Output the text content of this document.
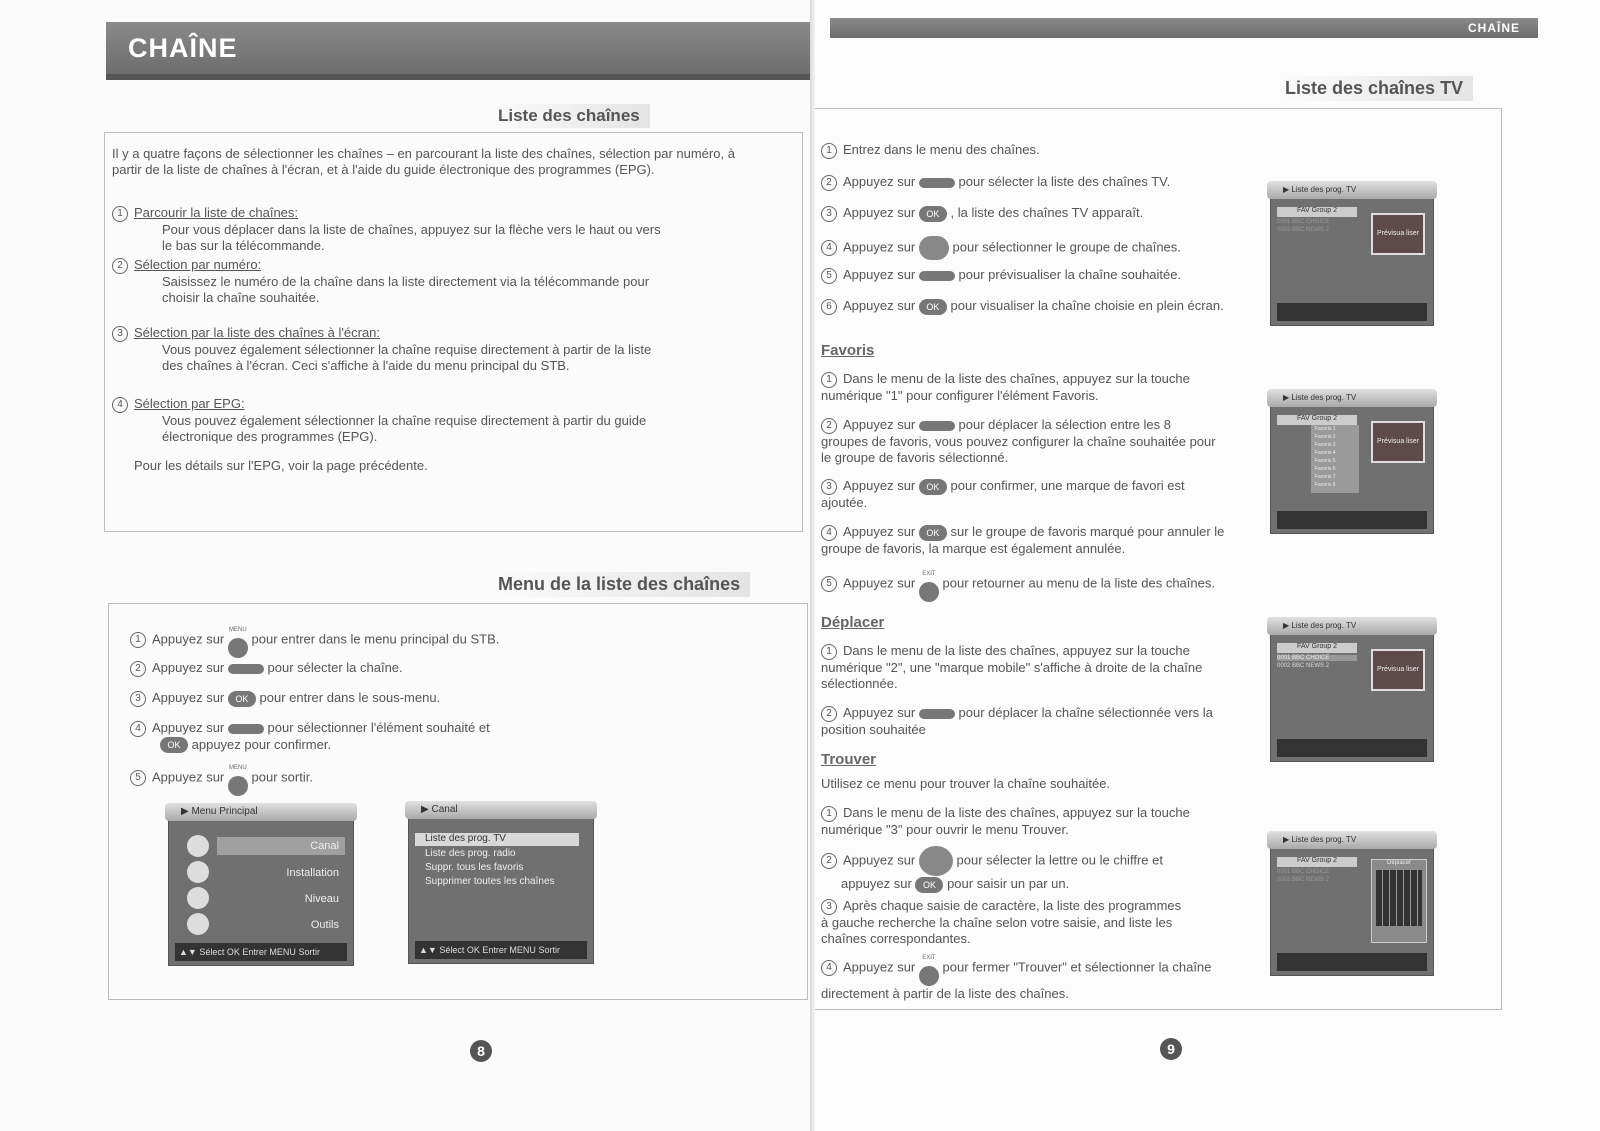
CHAÎNE
Liste des chaînes
Il y a quatre façons de sélectionner les chaînes – en parcourant la liste des chaînes, sélection par numéro, à partir de la liste de chaînes à l'écran, et à l'aide du guide électronique des programmes (EPG).
1 Parcourir la liste de chaînes:
Pour vous déplacer dans la liste de chaînes, appuyez sur la flèche vers le haut ou vers le bas sur la télécommande.
2 Sélection par numéro:
Saisissez le numéro de la chaîne dans la liste directement via la télécommande pour choisir la chaîne souhaitée.
3 Sélection par la liste des chaînes à l'écran:
Vous pouvez également sélectionner la chaîne requise directement à partir de la liste des chaînes à l'écran. Ceci s'affiche à l'aide du menu principal du STB.
4 Sélection par EPG:
Vous pouvez également sélectionner la chaîne requise directement à partir du guide électronique des programmes (EPG).
Pour les détails sur l'EPG, voir la page précédente.
Menu de la liste des chaînes
1 Appuyez sur
MENU
pour entrer dans le menu principal du STB.
2 Appuyez sur	pour sélecter la chaîne.
3 Appuyez sur OK pour entrer dans le sous-menu.
4 Appuyez sur	pour sélectionner l'élément souhaité et
OK appuyez pour confirmer.
5 Appuyez sur
MENU
pour sortir.
▶ Menu Principal
Canal
Installation
Niveau
Outils
▲▼ Sélect OK Entrer MENU Sortir
▶ Canal
Liste des prog. TV
Liste des prog. radio
Suppr. tous les favoris
Supprimer toutes les chaînes
▲▼ Sélect OK Entrer MENU Sortir
8
CHAÎNE
Liste des chaînes TV
1 Entrez dans le menu des chaînes.
2 Appuyez sur	pour sélecter la liste des chaînes TV.
3 Appuyez sur OK , la liste des chaînes TV apparaît.
4 Appuyez sur	pour sélectionner le groupe de chaînes.
5 Appuyez sur	pour prévisualiser la chaîne souhaitée.
6 Appuyez sur OK pour visualiser la chaîne choisie en plein écran.
Favoris
1 Dans le menu de la liste des chaînes, appuyez sur la touche numérique "1" pour configurer l'élément Favoris.
2 Appuyez sur	pour déplacer la sélection entre les 8 groupes de favoris, vous pouvez configurer la chaîne souhaitée pour le groupe de favoris sélectionné.
3 Appuyez sur OK pour confirmer, une marque de favori est ajoutée.
4 Appuyez sur OK sur le groupe de favoris marqué pour annuler le groupe de favoris, la marque est également annulée.
5 Appuyez sur
EXIT
pour retourner au menu de la liste des chaînes.
Déplacer
1 Dans le menu de la liste des chaînes, appuyez sur la touche numérique "2", une "marque mobile" s'affiche à droite de la chaîne sélectionnée.
2 Appuyez sur	pour déplacer la chaîne sélectionnée vers la position souhaitée
Trouver
Utilisez ce menu pour trouver la chaîne souhaitée.
1 Dans le menu de la liste des chaînes, appuyez sur la touche numérique "3" pour ouvrir le menu Trouver.
2 Appuyez sur	pour sélecter la lettre ou le chiffre et
appuyez sur OK pour saisir un par un.
3 Après chaque saisie de caractère, la liste des programmes à gauche recherche la chaîne selon votre saisie, and liste les chaînes correspondantes.
4 Appuyez sur
EXIT
pour fermer "Trouver" et sélectionner la chaîne directement à partir de la liste des chaînes.
▶ Liste des prog. TV
FAV Group 2
0001 BBC CHOICE
0002 BBC NEWS 2	Prévisua liser
▶ Liste des prog. TV
FAV Group 2
Favoris 1
Favoris 2
Favoris 3
Favoris 4
Favoris 5
Favoris 6
Favoris 7
Favoris 8
Prévisua liser
▶ Liste des prog. TV
FAV Group 2
0001 BBC CHOICE
0002 BBC NEWS 2	Prévisua liser
▶ Liste des prog. TV
FAV Group 2
0001 BBC CHOICE
0002 BBC NEWS 2
Déplacer
9
